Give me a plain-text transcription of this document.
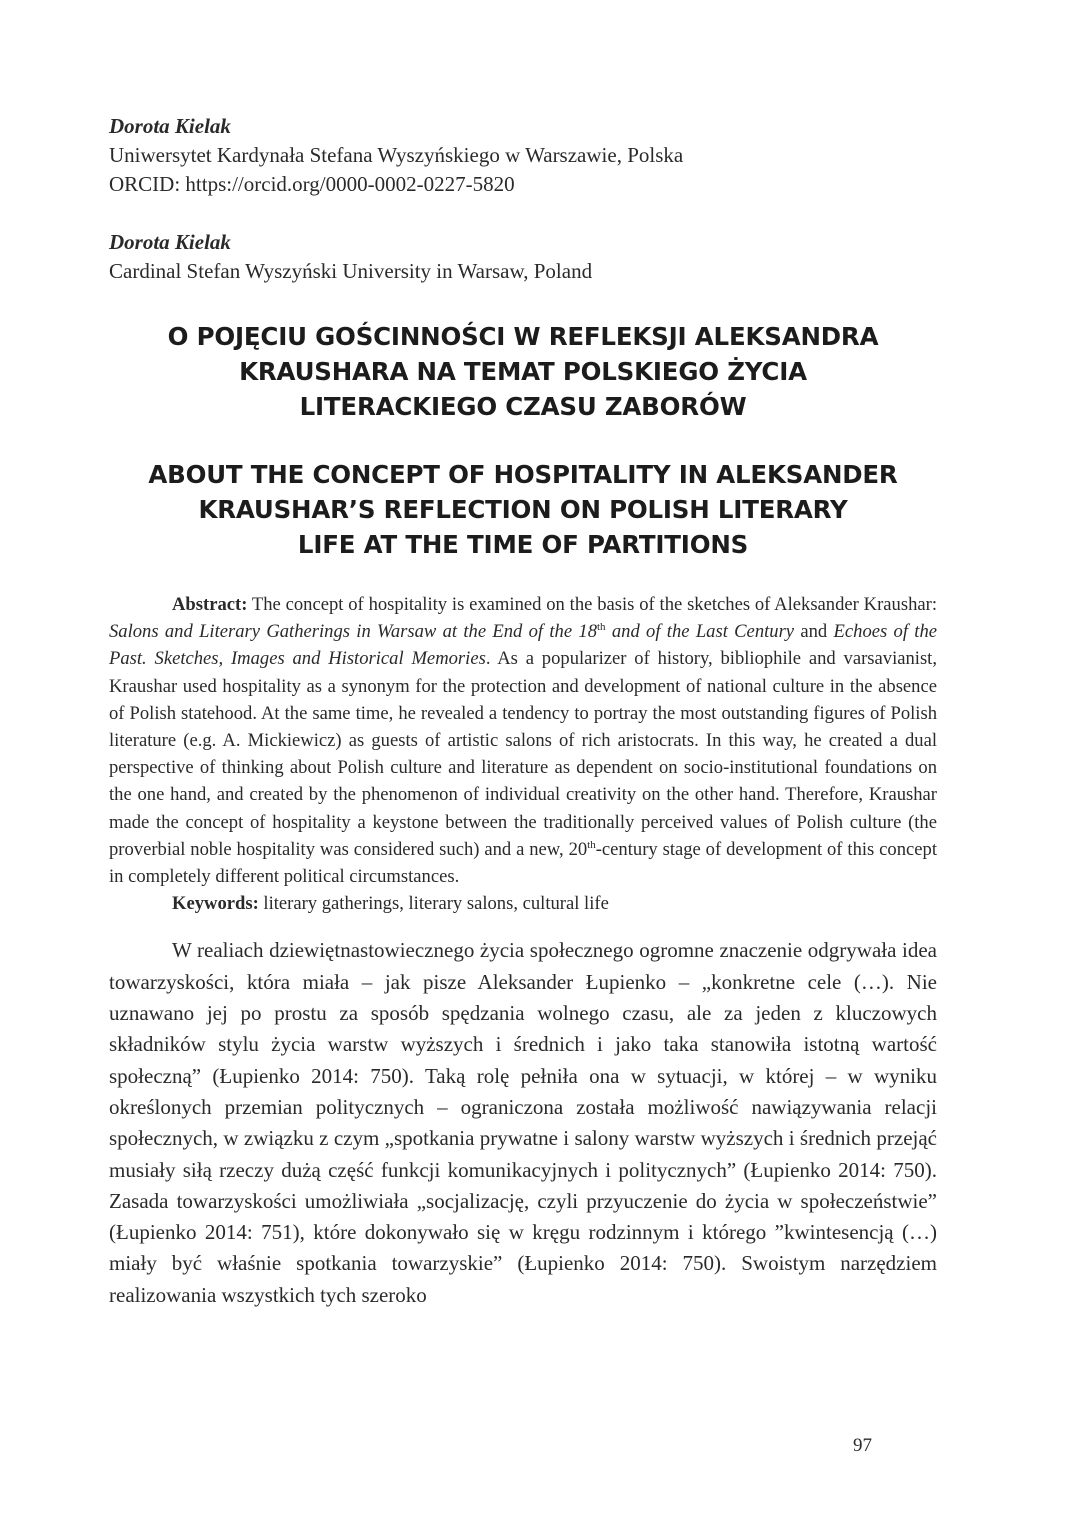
Dorota Kielak
Uniwersytet Kardynała Stefana Wyszyńskiego w Warszawie, Polska
ORCID: https://orcid.org/0000-0002-0227-5820
Dorota Kielak
Cardinal Stefan Wyszyński University in Warsaw, Poland
O POJĘCIU GOŚCINNOŚCI W REFLEKSJI ALEKSANDRA
KRAUSHARA NA TEMAT POLSKIEGO ŻYCIA
LITERACKIEGO CZASU ZABORÓW
ABOUT THE CONCEPT OF HOSPITALITY IN ALEKSANDER
KRAUSHAR’S REFLECTION ON POLISH LITERARY
LIFE AT THE TIME OF PARTITIONS

Abstract: The concept of hospitality is examined on the basis of the sketches of Aleksander Kraushar: Salons and Literary Gatherings in Warsaw at the End of the 18th and of the Last Century and Echoes of the Past. Sketches, Images and Historical Memories. As a popularizer of history, bibliophile and varsavianist, Kraushar used hospitality as a synonym for the protection and development of national culture in the absence of Polish statehood. At the same time, he revealed a tendency to portray the most outstanding figures of Polish literature (e.g. A. Mickiewicz) as guests of artistic salons of rich aristocrats. In this way, he created a dual perspective of thinking about Polish culture and literature as dependent on socio-institutional foundations on the one hand, and created by the phenomenon of individual creativity on the other hand. Therefore, Kraushar made the concept of hospitality a keystone between the traditionally perceived values of Polish culture (the proverbial noble hospitality was considered such) and a new, 20th-century stage of development of this concept in completely different political circumstances.

Keywords: literary gatherings, literary salons, cultural life

W realiach dziewiętnastowiecznego życia społecznego ogromne znaczenie odgrywała idea towarzyskości, która miała – jak pisze Aleksander Łupienko – „konkretne cele (…). Nie uznawano jej po prostu za sposób spędzania wolnego czasu, ale za jeden z kluczowych składników stylu życia warstw wyższych i średnich i jako taka stanowiła istotną wartość społeczną” (Łupienko 2014: 750). Taką rolę pełniła ona w sytuacji, w której – w wyniku określonych przemian politycznych – ograniczona została możliwość nawiązywania relacji społecznych, w związku z czym „spotkania prywatne i salony warstw wyższych i średnich przejąć musiały siłą rzeczy dużą część funkcji komunikacyjnych i politycznych” (Łupienko 2014: 750). Zasada towarzyskości umożliwiała „socjalizację, czyli przyuczenie do życia w społeczeństwie” (Łupienko 2014: 751), które dokonywało się w kręgu rodzinnym i którego ”kwintesencją (…) miały być właśnie spotkania towarzyskie” (Łupienko 2014: 750). Swoistym narzędziem realizowania wszystkich tych szeroko

97
